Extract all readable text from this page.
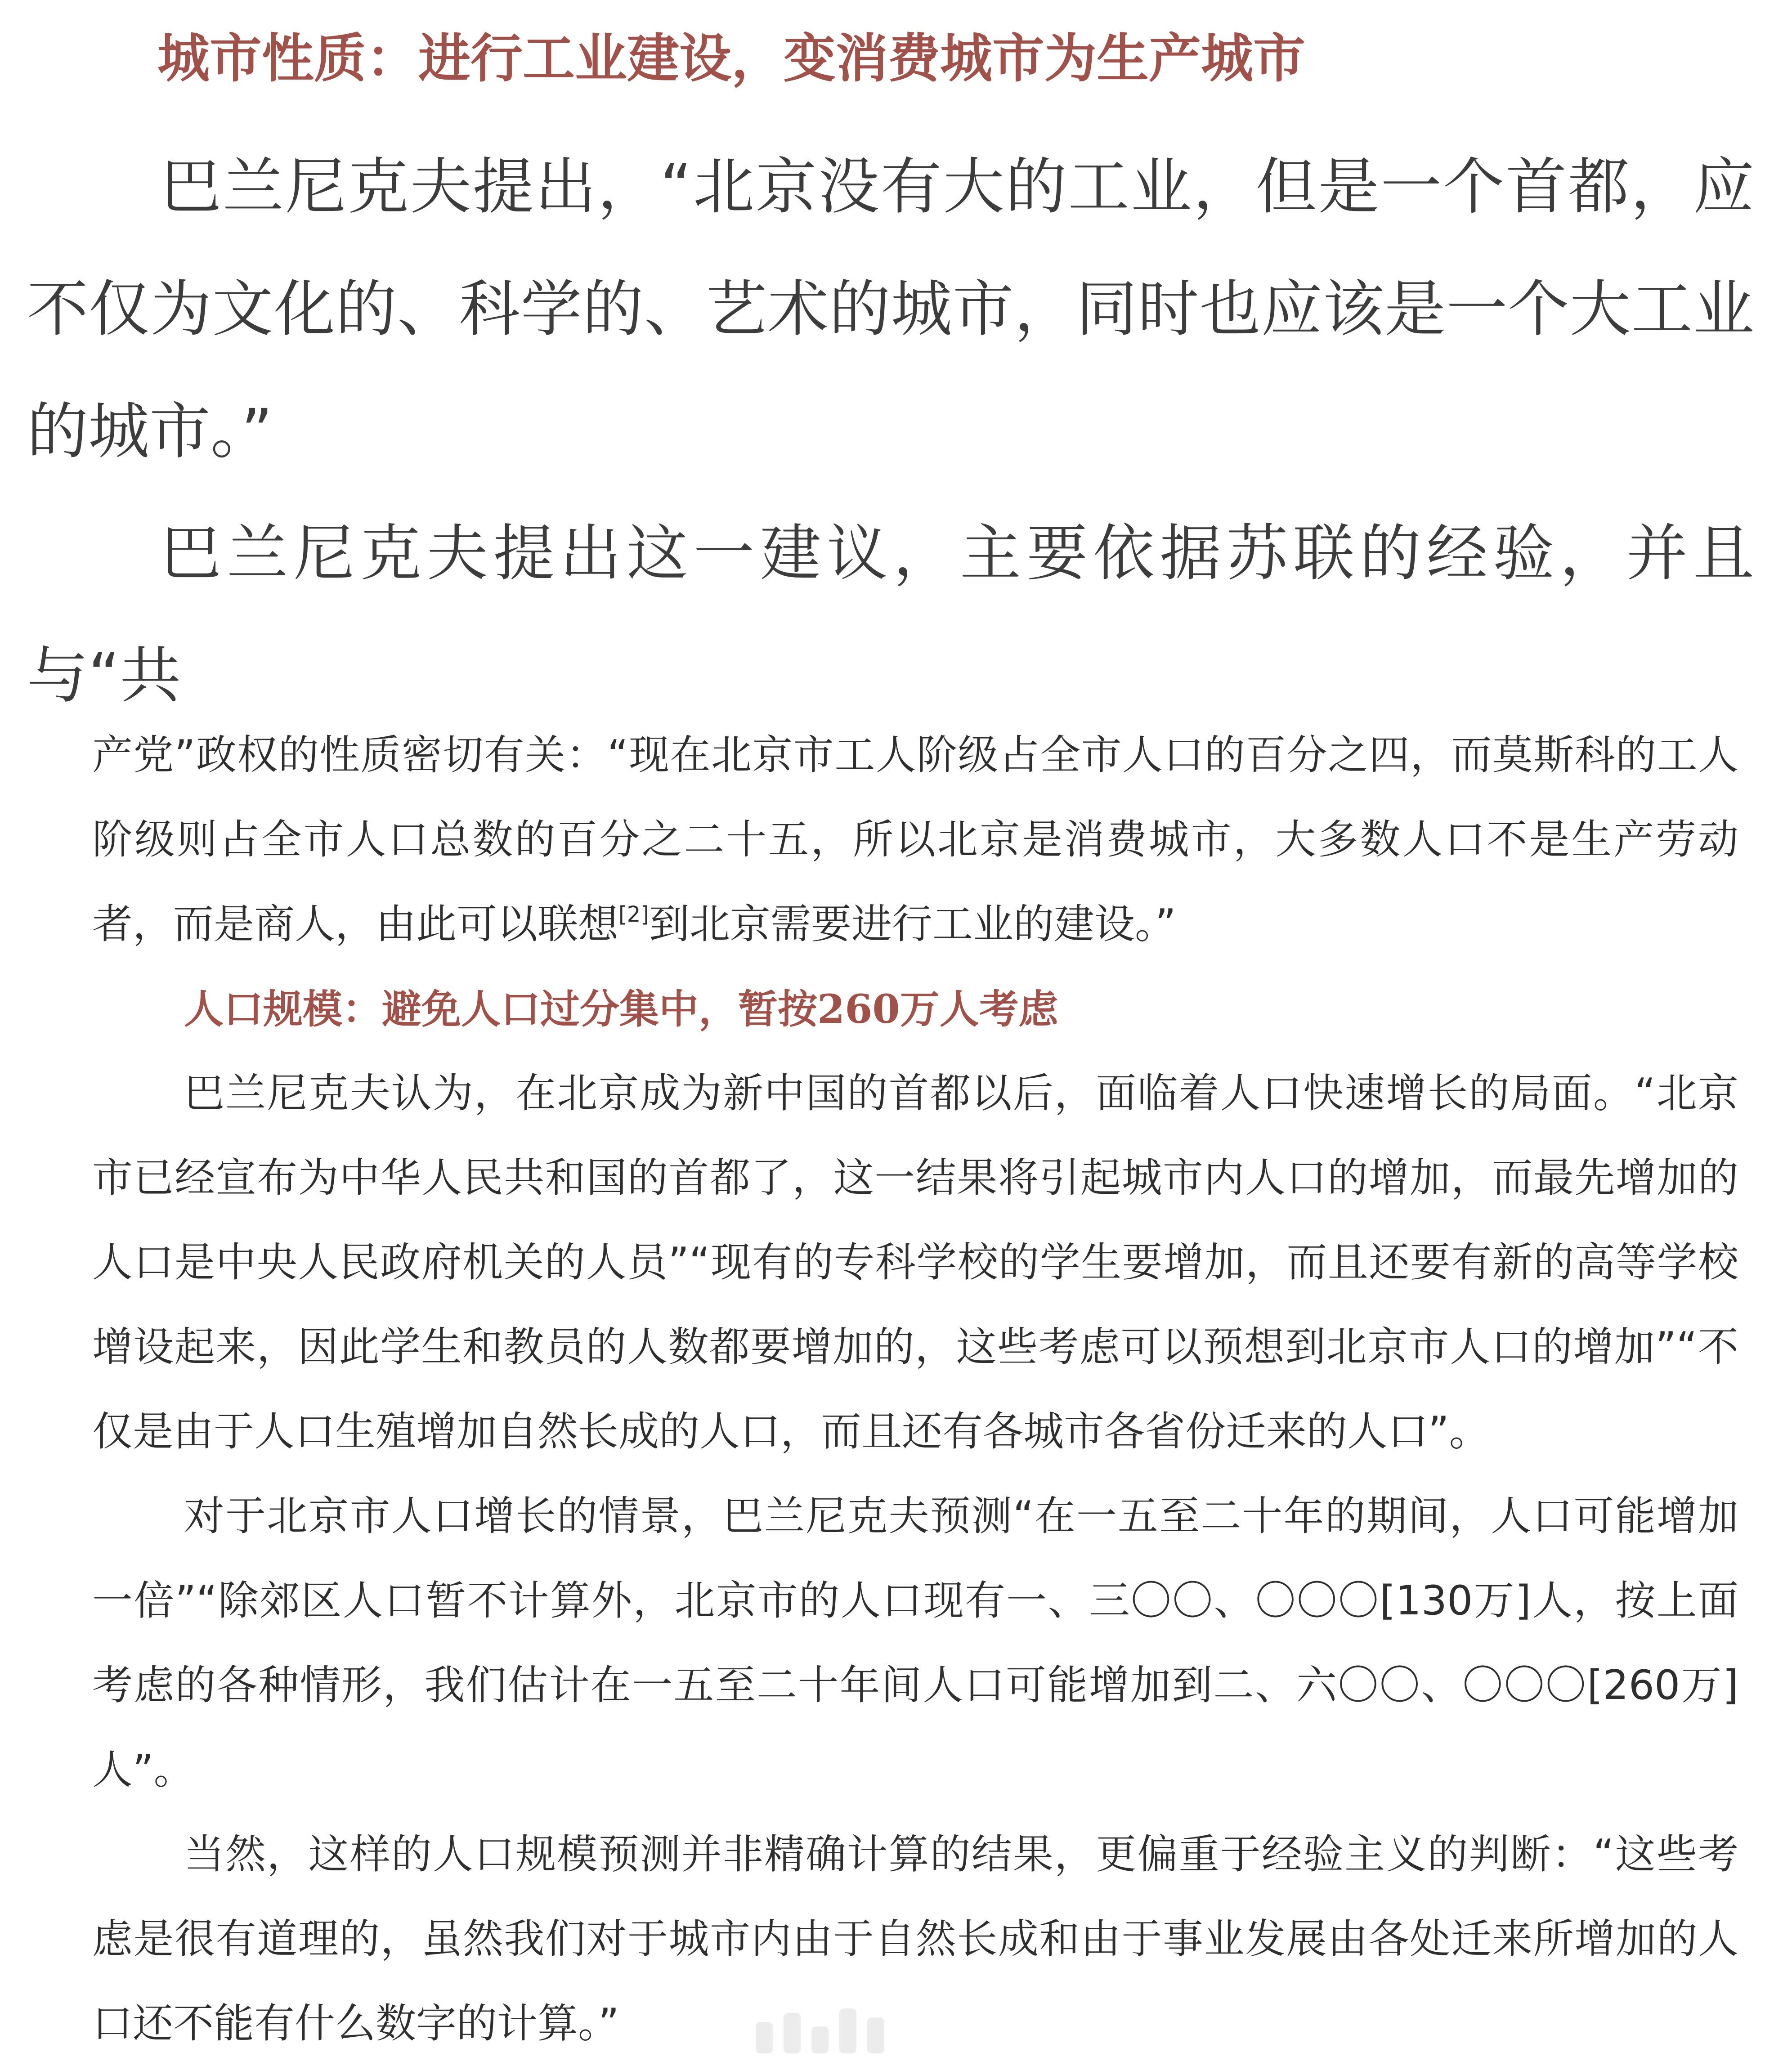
城市性质：进行工业建设，变消费城市为生产城市

巴兰尼克夫提出，“北京没有大的工业，但是一个首都，应不仅为文化的、科学的、艺术的城市，同时也应该是一个大工业的城市。”

巴兰尼克夫提出这一建议，主要依据苏联的经验，并且与“共

产党”政权的性质密切有关：“现在北京市工人阶级占全市人口的百分之四，而莫斯科的工人阶级则占全市人口总数的百分之二十五，所以北京是消费城市，大多数人口不是生产劳动者，而是商人，由此可以联想[2]到北京需要进行工业的建设。”

人口规模：避免人口过分集中，暂按260万人考虑

巴兰尼克夫认为，在北京成为新中国的首都以后，面临着人口快速增长的局面。“北京市已经宣布为中华人民共和国的首都了，这一结果将引起城市内人口的增加，而最先增加的人口是中央人民政府机关的人员”“现有的专科学校的学生要增加，而且还要有新的高等学校增设起来，因此学生和教员的人数都要增加的，这些考虑可以预想到北京市人口的增加”“不仅是由于人口生殖增加自然长成的人口，而且还有各城市各省份迁来的人口”。

对于北京市人口增长的情景，巴兰尼克夫预测“在一五至二十年的期间，人口可能增加一倍”“除郊区人口暂不计算外，北京市的人口现有一、三〇〇、〇〇〇[130万]人，按上面考虑的各种情形，我们估计在一五至二十年间人口可能增加到二、六〇〇、〇〇〇[260万]人”。

当然，这样的人口规模预测并非精确计算的结果，更偏重于经验主义的判断：“这些考虑是很有道理的，虽然我们对于城市内由于自然长成和由于事业发展由各处迁来所增加的人口还不能有什么数字的计算。”
